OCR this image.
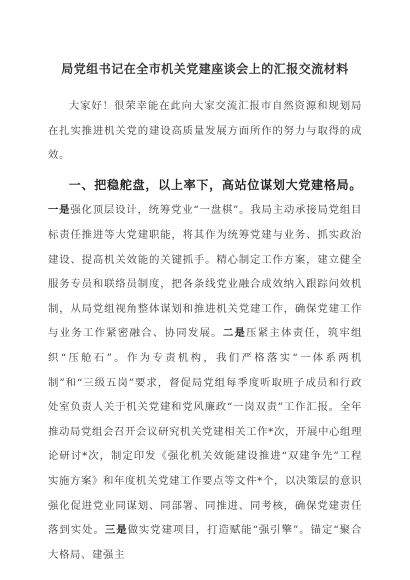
局党组书记在全市机关党建座谈会上的汇报交流材料

大家好！很荣幸能在此向大家交流汇报市自然资源和规划局在扎实推进机关党的建设高质量发展方面所作的努力与取得的成效。

一、把稳舵盘，以上率下，高站位谋划大党建格局。一是强化顶层设计，统筹党业“一盘棋”。我局主动承接局党组目标责任推进等大党建职能，将其作为统筹党建与业务、抓实政治建设、提高机关效能的关键抓手。精心制定工作方案，建立健全服务专员和联络员制度，把各条线党业融合成效纳入跟踪问效机制，从局党组视角整体谋划和推进机关党建工作，确保党建工作与业务工作紧密融合、协同发展。二是压紧主体责任，筑牢组织“压舱石”。作为专责机构，我们严格落实“一体系两机制”和“三级五岗”要求，督促局党组每季度听取班子成员和行政处室负责人关于机关党建和党风廉政“一岗双责”工作汇报。全年推动局党组会召开会议研究机关党建相关工作*次，开展中心组理论研讨*次，制定印发《强化机关效能建设推进“双建争先”工程实施方案》和年度机关党建工作要点等文件*个，以决策层的意识强化促进党业同谋划、同部署、同推进、同考核，确保党建责任落到实处。三是做实党建项目，打造赋能“强引擎”。锚定“聚合大格局、建强主
